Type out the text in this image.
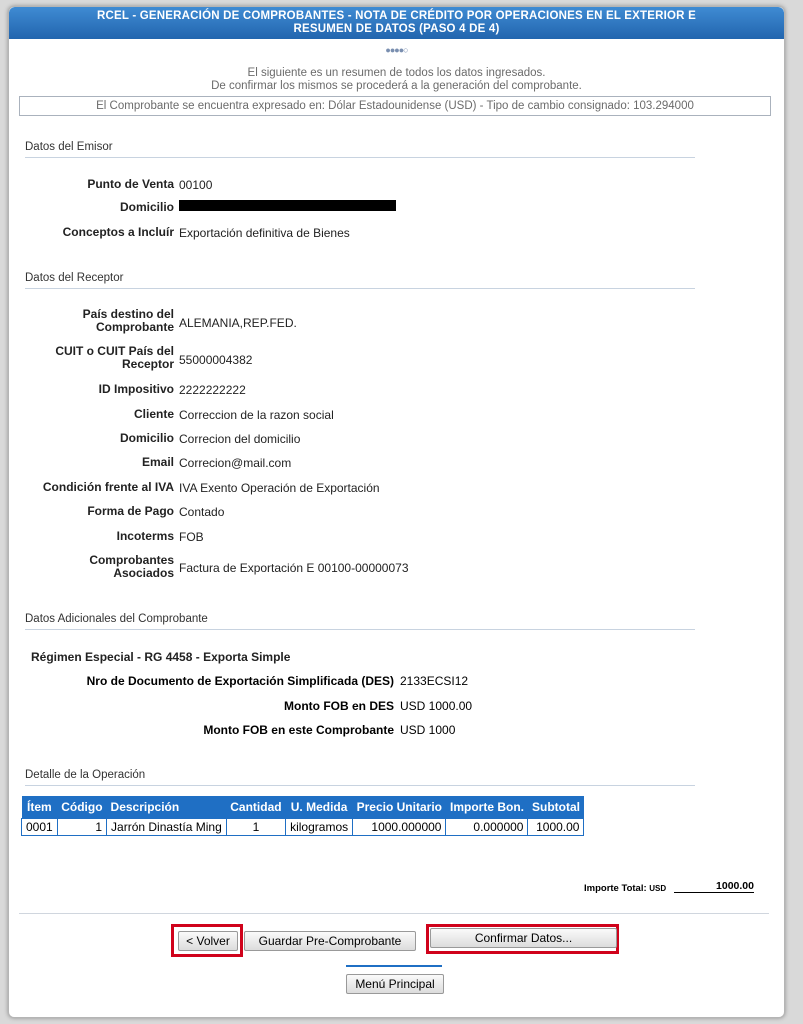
RCEL - GENERACIÓN DE COMPROBANTES - NOTA DE CRÉDITO POR OPERACIONES EN EL EXTERIOR E
RESUMEN DE DATOS (PASO 4 DE 4)
●●●●○
El siguiente es un resumen de todos los datos ingresados.
De confirmar los mismos se procederá a la generación del comprobante.
El Comprobante se encuentra expresado en: Dólar Estadounidense (USD) - Tipo de cambio consignado: 103.294000
Datos del Emisor
Punto de Venta 00100
Domicilio
Conceptos a Incluír Exportación definitiva de Bienes
Datos del Receptor
País destino del
Comprobante ALEMANIA,REP.FED.
CUIT o CUIT País del
Receptor 55000004382
ID Impositivo 2222222222
Cliente Correccion de la razon social
Domicilio Correcion del domicilio
Email Correcion@mail.com
Condición frente al IVA IVA Exento Operación de Exportación
Forma de Pago Contado
Incoterms FOB
Comprobantes
Asociados Factura de Exportación E 00100-00000073
Datos Adicionales del Comprobante
Régimen Especial - RG 4458 - Exporta Simple
Nro de Documento de Exportación Simplificada (DES) 2133ECSI12
Monto FOB en DES USD 1000.00
Monto FOB en este Comprobante USD 1000
Detalle de la Operación
Ítem	Código	Descripción	Cantidad	U. Medida	Precio Unitario	Importe Bon.	Subtotal
0001	1	Jarrón Dinastía Ming	1	kilogramos	1000.000000	0.000000	1000.00
Importe Total: USD	1000.00
< Volver	Guardar Pre-Comprobante	Confirmar Datos...
Menú Principal
